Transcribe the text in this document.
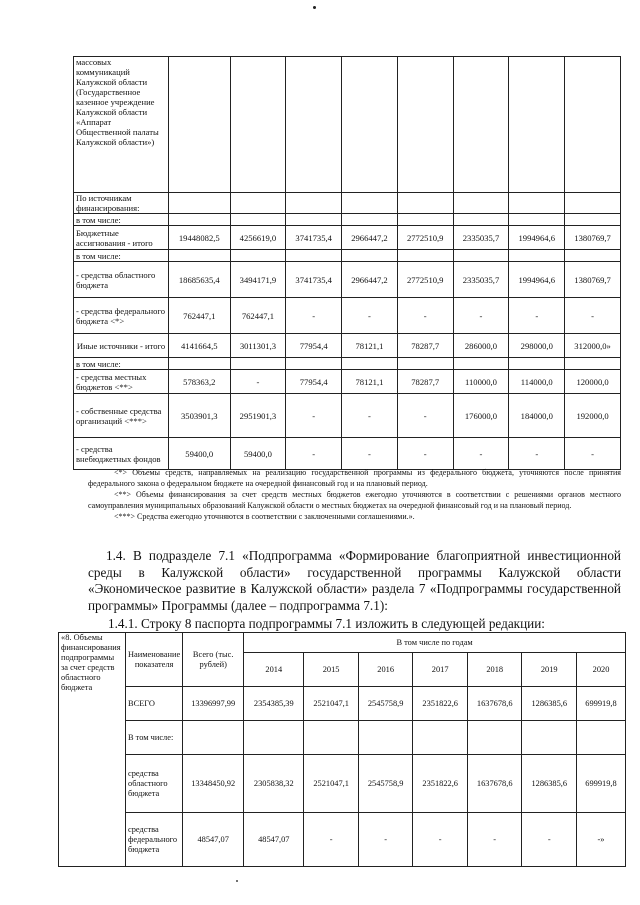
массовых коммуникаций Калужской области (Государственное казенное учреждение Калужской области «Аппарат Общественной палаты Калужской области»)								
По источникам финансирования:								
в том числе:								
Бюджетные ассигнования - итого	19448082,5	4256619,0	3741735,4	2966447,2	2772510,9	2335035,7	1994964,6	1380769,7
в том числе:								
- средства областного бюджета	18685635,4	3494171,9	3741735,4	2966447,2	2772510,9	2335035,7	1994964,6	1380769,7
- средства федерального бюджета <*>	762447,1	762447,1	-	-	-	-	-	-
Иные источники - итого	4141664,5	3011301,3	77954,4	78121,1	78287,7	286000,0	298000,0	312000,0»
в том числе:								
- средства местных бюджетов <**>	578363,2	-	77954,4	78121,1	78287,7	110000,0	114000,0	120000,0
- собственные средства организаций <***>	3503901,3	2951901,3	-	-	-	176000,0	184000,0	192000,0
- средства внебюджетных фондов	59400,0	59400,0	-	-	-	-	-	-

<*> Объемы средств, направляемых на реализацию государственной программы из федерального бюджета, уточняются после принятия федерального закона о федеральном бюджете на очередной финансовый год и на плановый период.

<**> Объемы финансирования за счет средств местных бюджетов ежегодно уточняются в соответствии с решениями органов местного самоуправления муниципальных образований Калужской области о местных бюджетах на очередной финансовый год и на плановый период.

<***> Средства ежегодно уточняются в соответствии с заключенными соглашениями.».

1.4. В подразделе 7.1 «Подпрограмма «Формирование благоприятной инвестиционной среды в Калужской области» государственной программы Калужской области «Экономическое развитие в Калужской области» раздела 7 «Подпрограммы государственной программы» Программы (далее – подпрограмма 7.1):

1.4.1. Строку 8 паспорта подпрограммы 7.1 изложить в следующей редакции:

«8. Объемы финансирования подпрограммы за счет средств областного бюджета	Наименование показателя	Всего (тыс. рублей)	В том числе по годам						
			2014	2015	2016	2017	2018	2019	2020
	ВСЕГО	13396997,99	2354385,39	2521047,1	2545758,9	2351822,6	1637678,6	1286385,6	699919,8
	В том числе:								
	средства областного бюджета	13348450,92	2305838,32	2521047,1	2545758,9	2351822,6	1637678,6	1286385,6	699919,8
	средства федерального бюджета	48547,07	48547,07	-	-	-	-	-	-»
